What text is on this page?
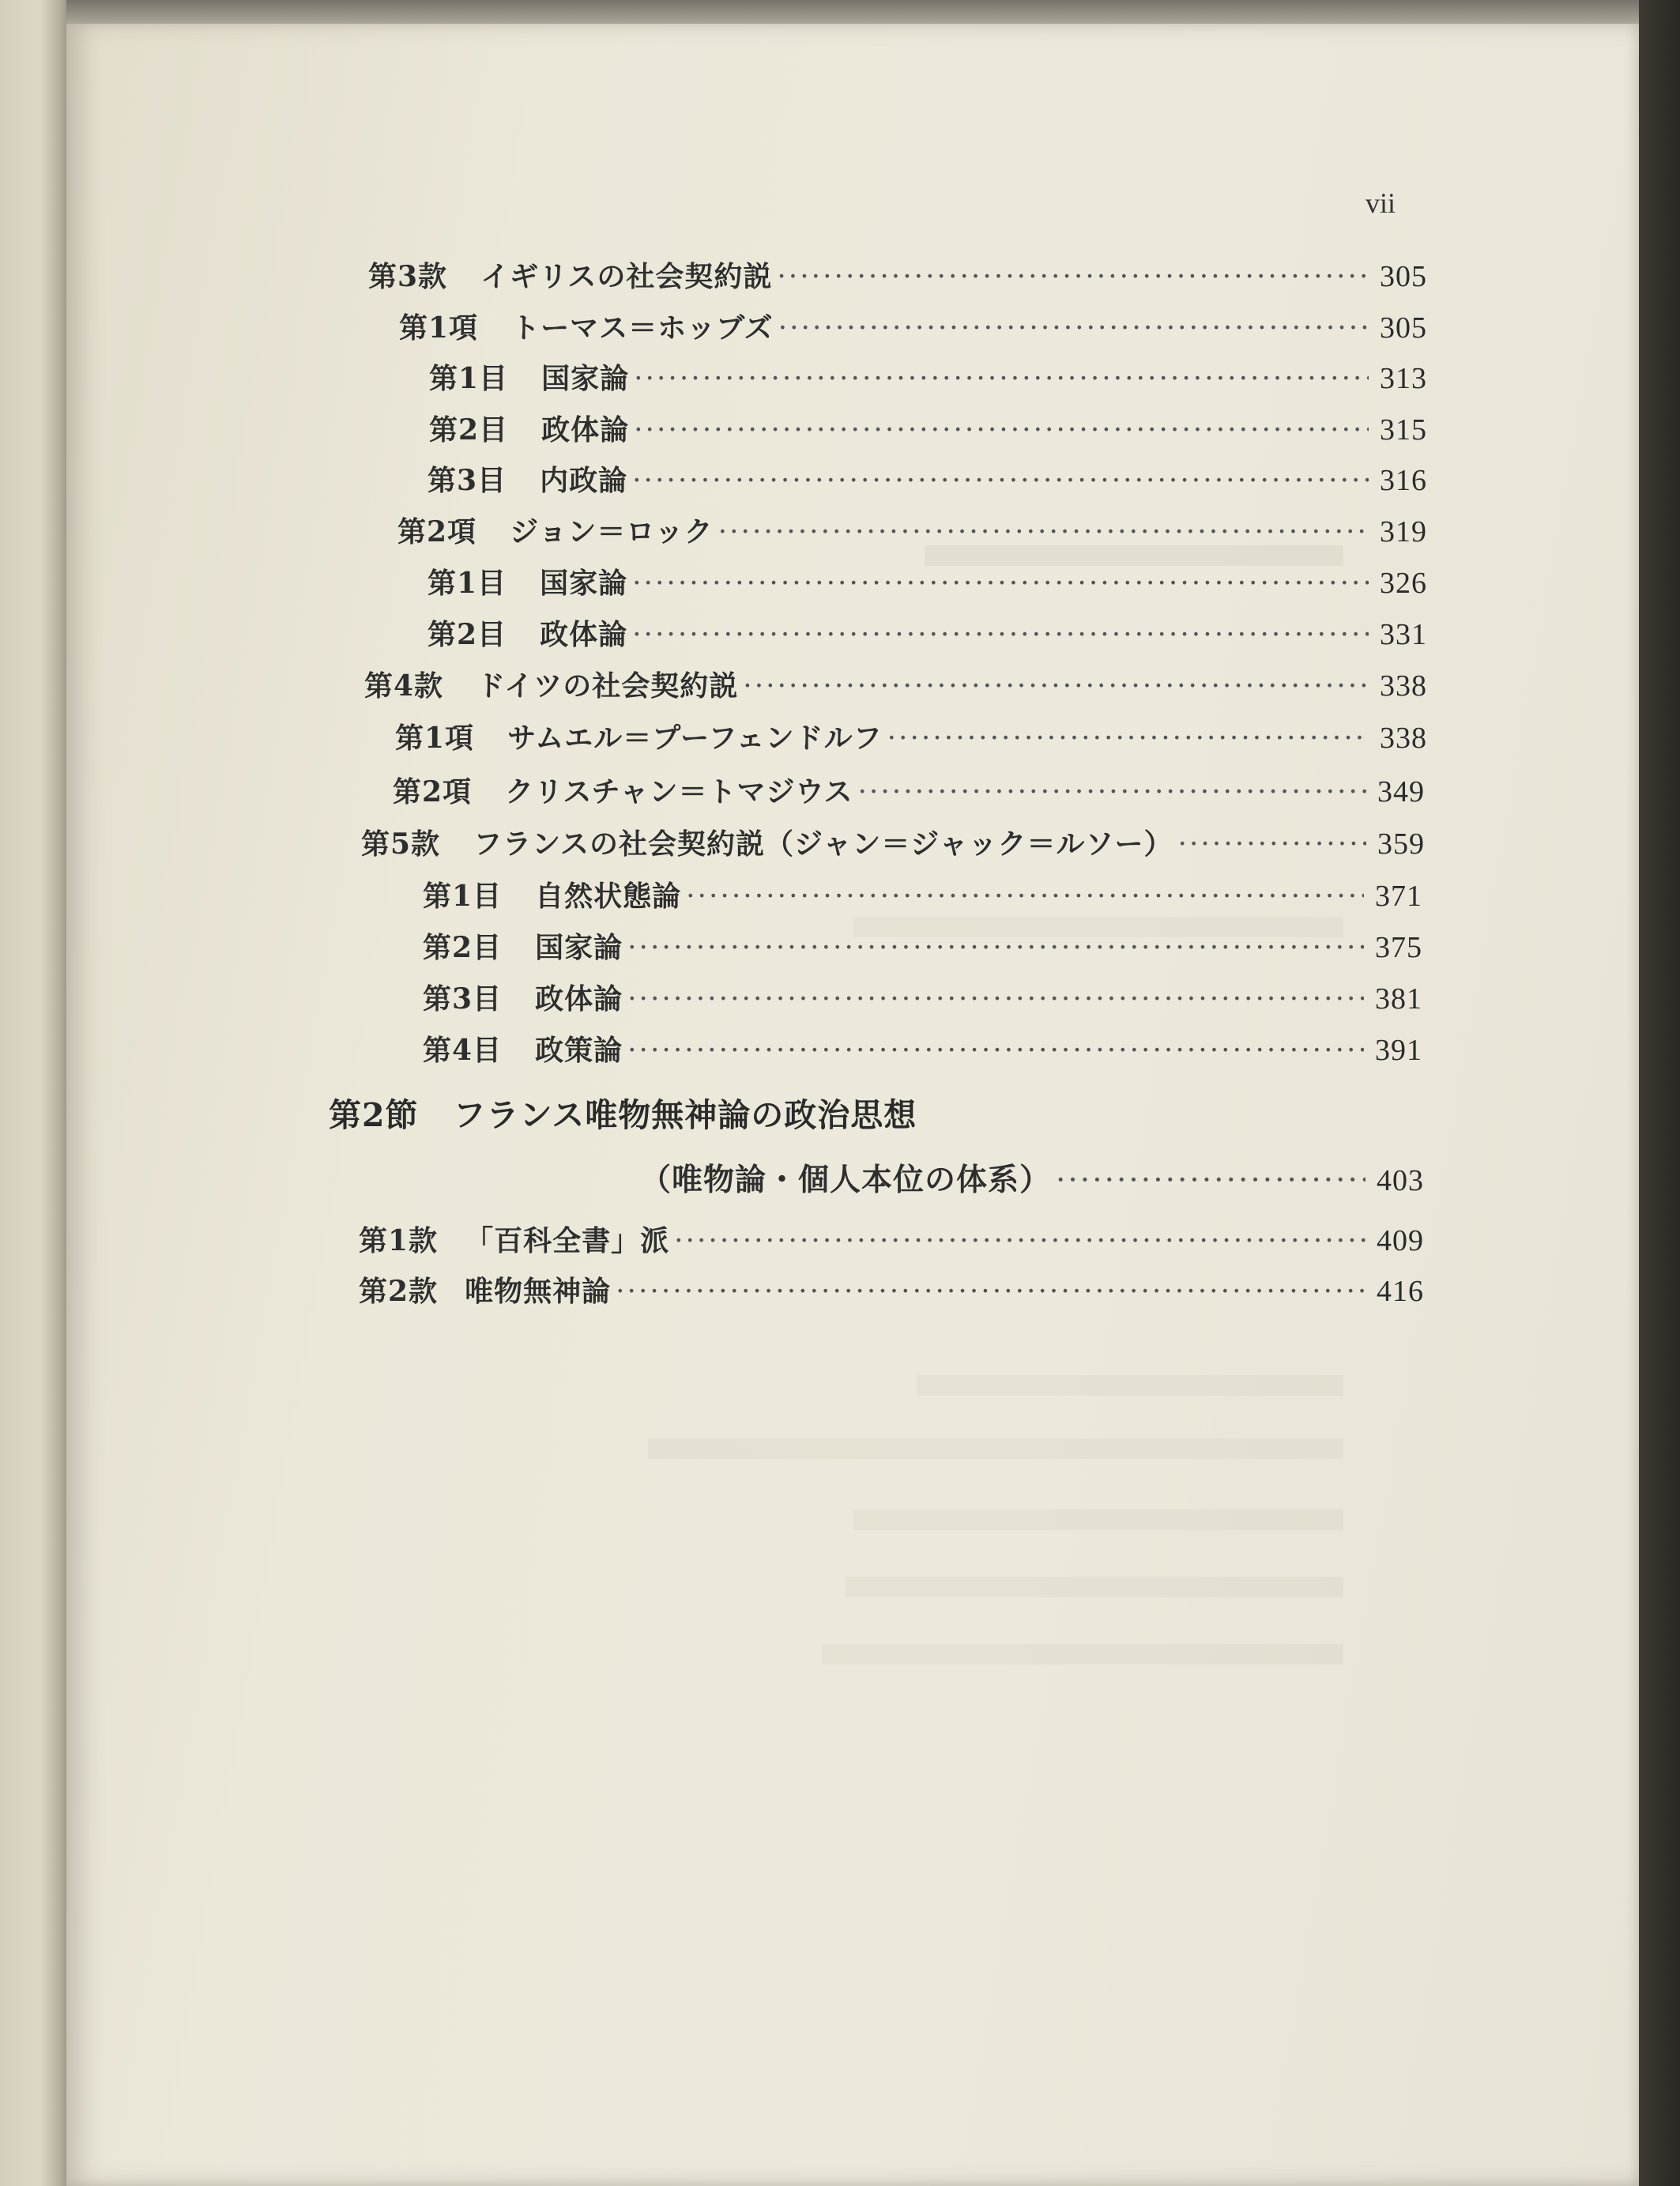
vii
第3款 イギリスの社会契約説 ·····	305
第1項 トーマス＝ホッブズ ·····	305
第1目 国家論 ·····	313
第2目 政体論 ·····	315
第3目 内政論 ·····	316
第2項 ジョン＝ロック ·····	319
第1目 国家論 ·····	326
第2目 政体論 ·····	331
第4款 ドイツの社会契約説 ·····	338
第1項 サムエル＝プーフェンドルフ ·····	338
第2項 クリスチャン＝トマジウス ·····	349
第5款 フランスの社会契約説（ジャン＝ジャック＝ルソー） ·····	359
第1目 自然状態論 ·····	371
第2目 国家論 ·····	375
第3目 政体論 ·····	381
第4目 政策論 ·····	391
第2節 フランス唯物無神論の政治思想
（唯物論・個人本位の体系） ·····	403
第1款 「百科全書」派 ·····	409
第2款 唯物無神論 ·····	416
